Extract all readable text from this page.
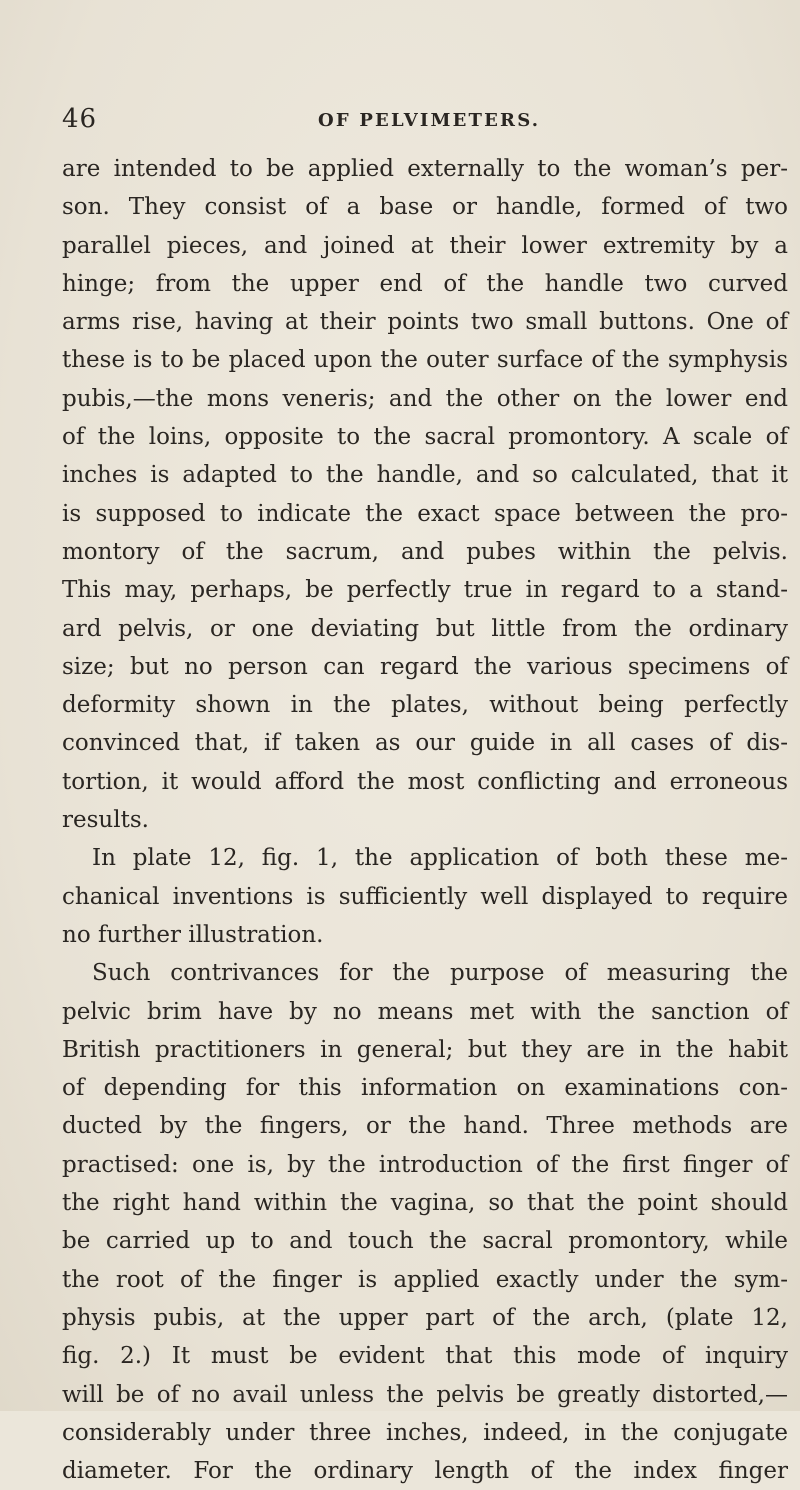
46	OF PELVIMETERS.
are intended to be applied externally to the woman’s per-
son. They consist of a base or handle, formed of two
parallel pieces, and joined at their lower extremity by a
hinge; from the upper end of the handle two curved
arms rise, having at their points two small buttons. One of
these is to be placed upon the outer surface of the symphysis
pubis,—the mons veneris; and the other on the lower end
of the loins, opposite to the sacral promontory. A scale of
inches is adapted to the handle, and so calculated, that it
is supposed to indicate the exact space between the pro-
montory of the sacrum, and pubes within the pelvis.
This may, perhaps, be perfectly true in regard to a stand-
ard pelvis, or one deviating but little from the ordinary
size; but no person can regard the various specimens of
deformity shown in the plates, without being perfectly
convinced that, if taken as our guide in all cases of dis-
tortion, it would afford the most conflicting and erroneous
results.
In plate 12, fig. 1, the application of both these me-
chanical inventions is sufficiently well displayed to require
no further illustration.
Such contrivances for the purpose of measuring the
pelvic brim have by no means met with the sanction of
British practitioners in general; but they are in the habit
of depending for this information on examinations con-
ducted by the fingers, or the hand. Three methods are
practised: one is, by the introduction of the first finger of
the right hand within the vagina, so that the point should
be carried up to and touch the sacral promontory, while
the root of the finger is applied exactly under the sym-
physis pubis, at the upper part of the arch, (plate 12,
fig. 2.) It must be evident that this mode of inquiry
will be of no avail unless the pelvis be greatly distorted,—
considerably under three inches, indeed, in the conjugate
diameter. For the ordinary length of the index finger
